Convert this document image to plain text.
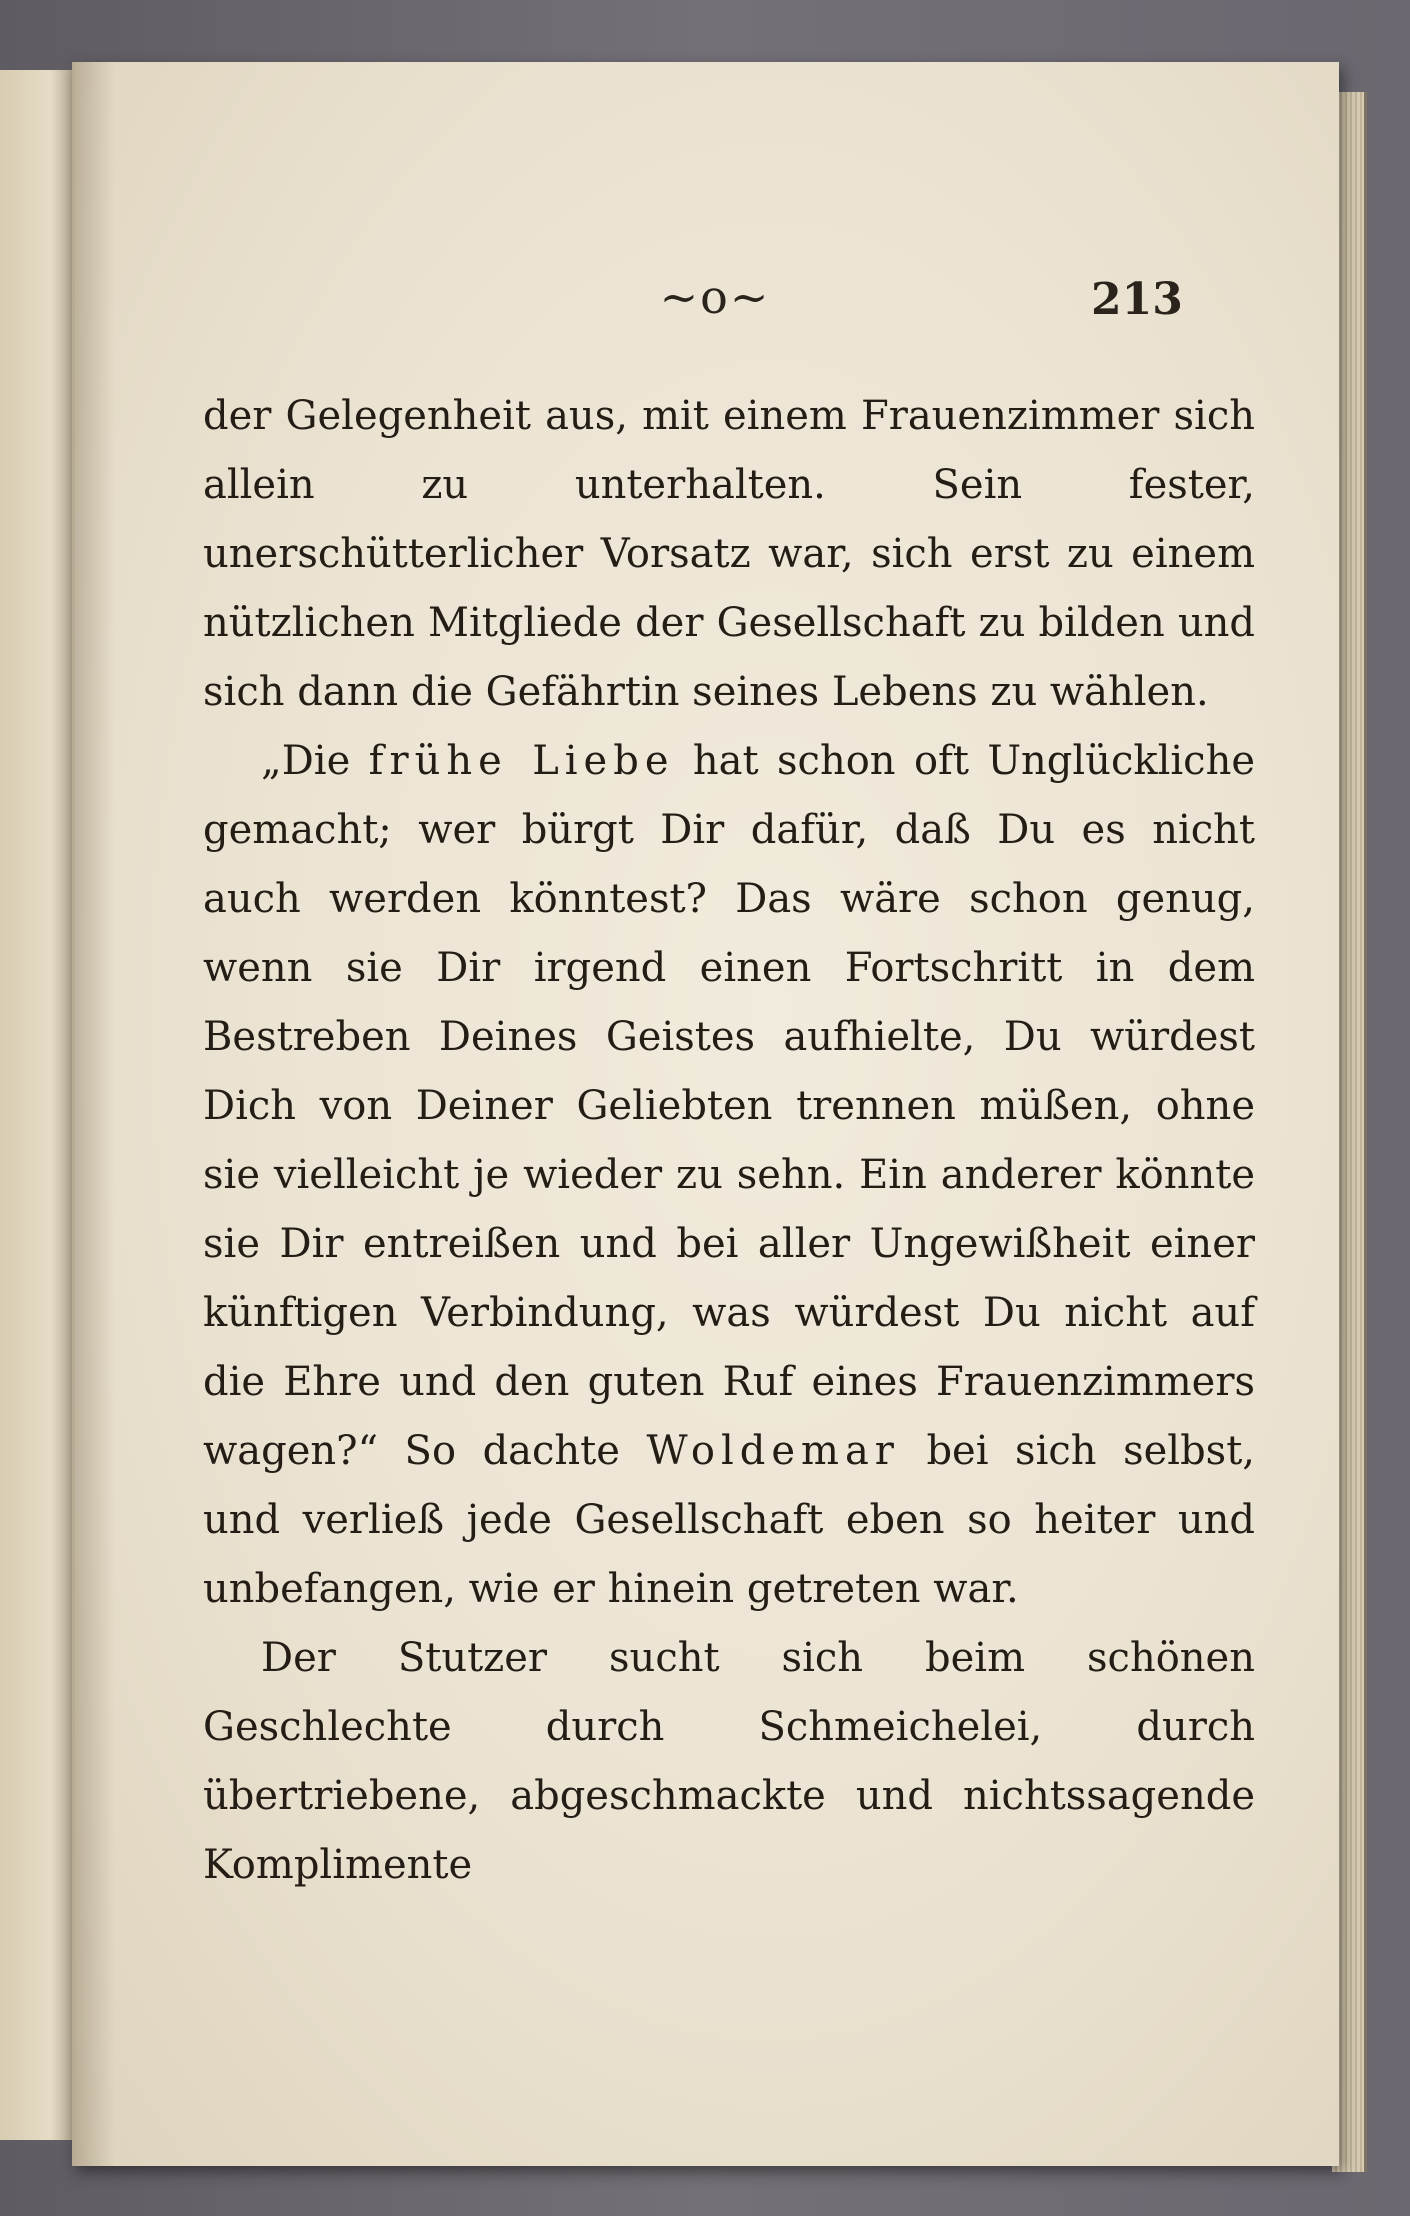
~o~	213

der Gelegenheit aus, mit einem Frauenzimmer sich allein zu unterhalten. Sein fester, unerschütterlicher Vorsatz war, sich erst zu einem nützlichen Mitgliede der Gesellschaft zu bilden und sich dann die Gefährtin seines Lebens zu wählen.

„Die frühe Liebe hat schon oft Unglückliche gemacht; wer bürgt Dir dafür, daß Du es nicht auch werden könntest? Das wäre schon genug, wenn sie Dir irgend einen Fortschritt in dem Bestreben Deines Geistes aufhielte, Du würdest Dich von Deiner Geliebten trennen müßen, ohne sie vielleicht je wieder zu sehn. Ein anderer könnte sie Dir entreißen und bei aller Ungewißheit einer künftigen Verbindung, was würdest Du nicht auf die Ehre und den guten Ruf eines Frauenzimmers wagen?“ So dachte Woldemar bei sich selbst, und verließ jede Gesellschaft eben so heiter und unbefangen, wie er hinein getreten war.

Der Stutzer sucht sich beim schönen Geschlechte durch Schmeichelei, durch übertriebene, abgeschmackte und nichtssagende Komplimente
